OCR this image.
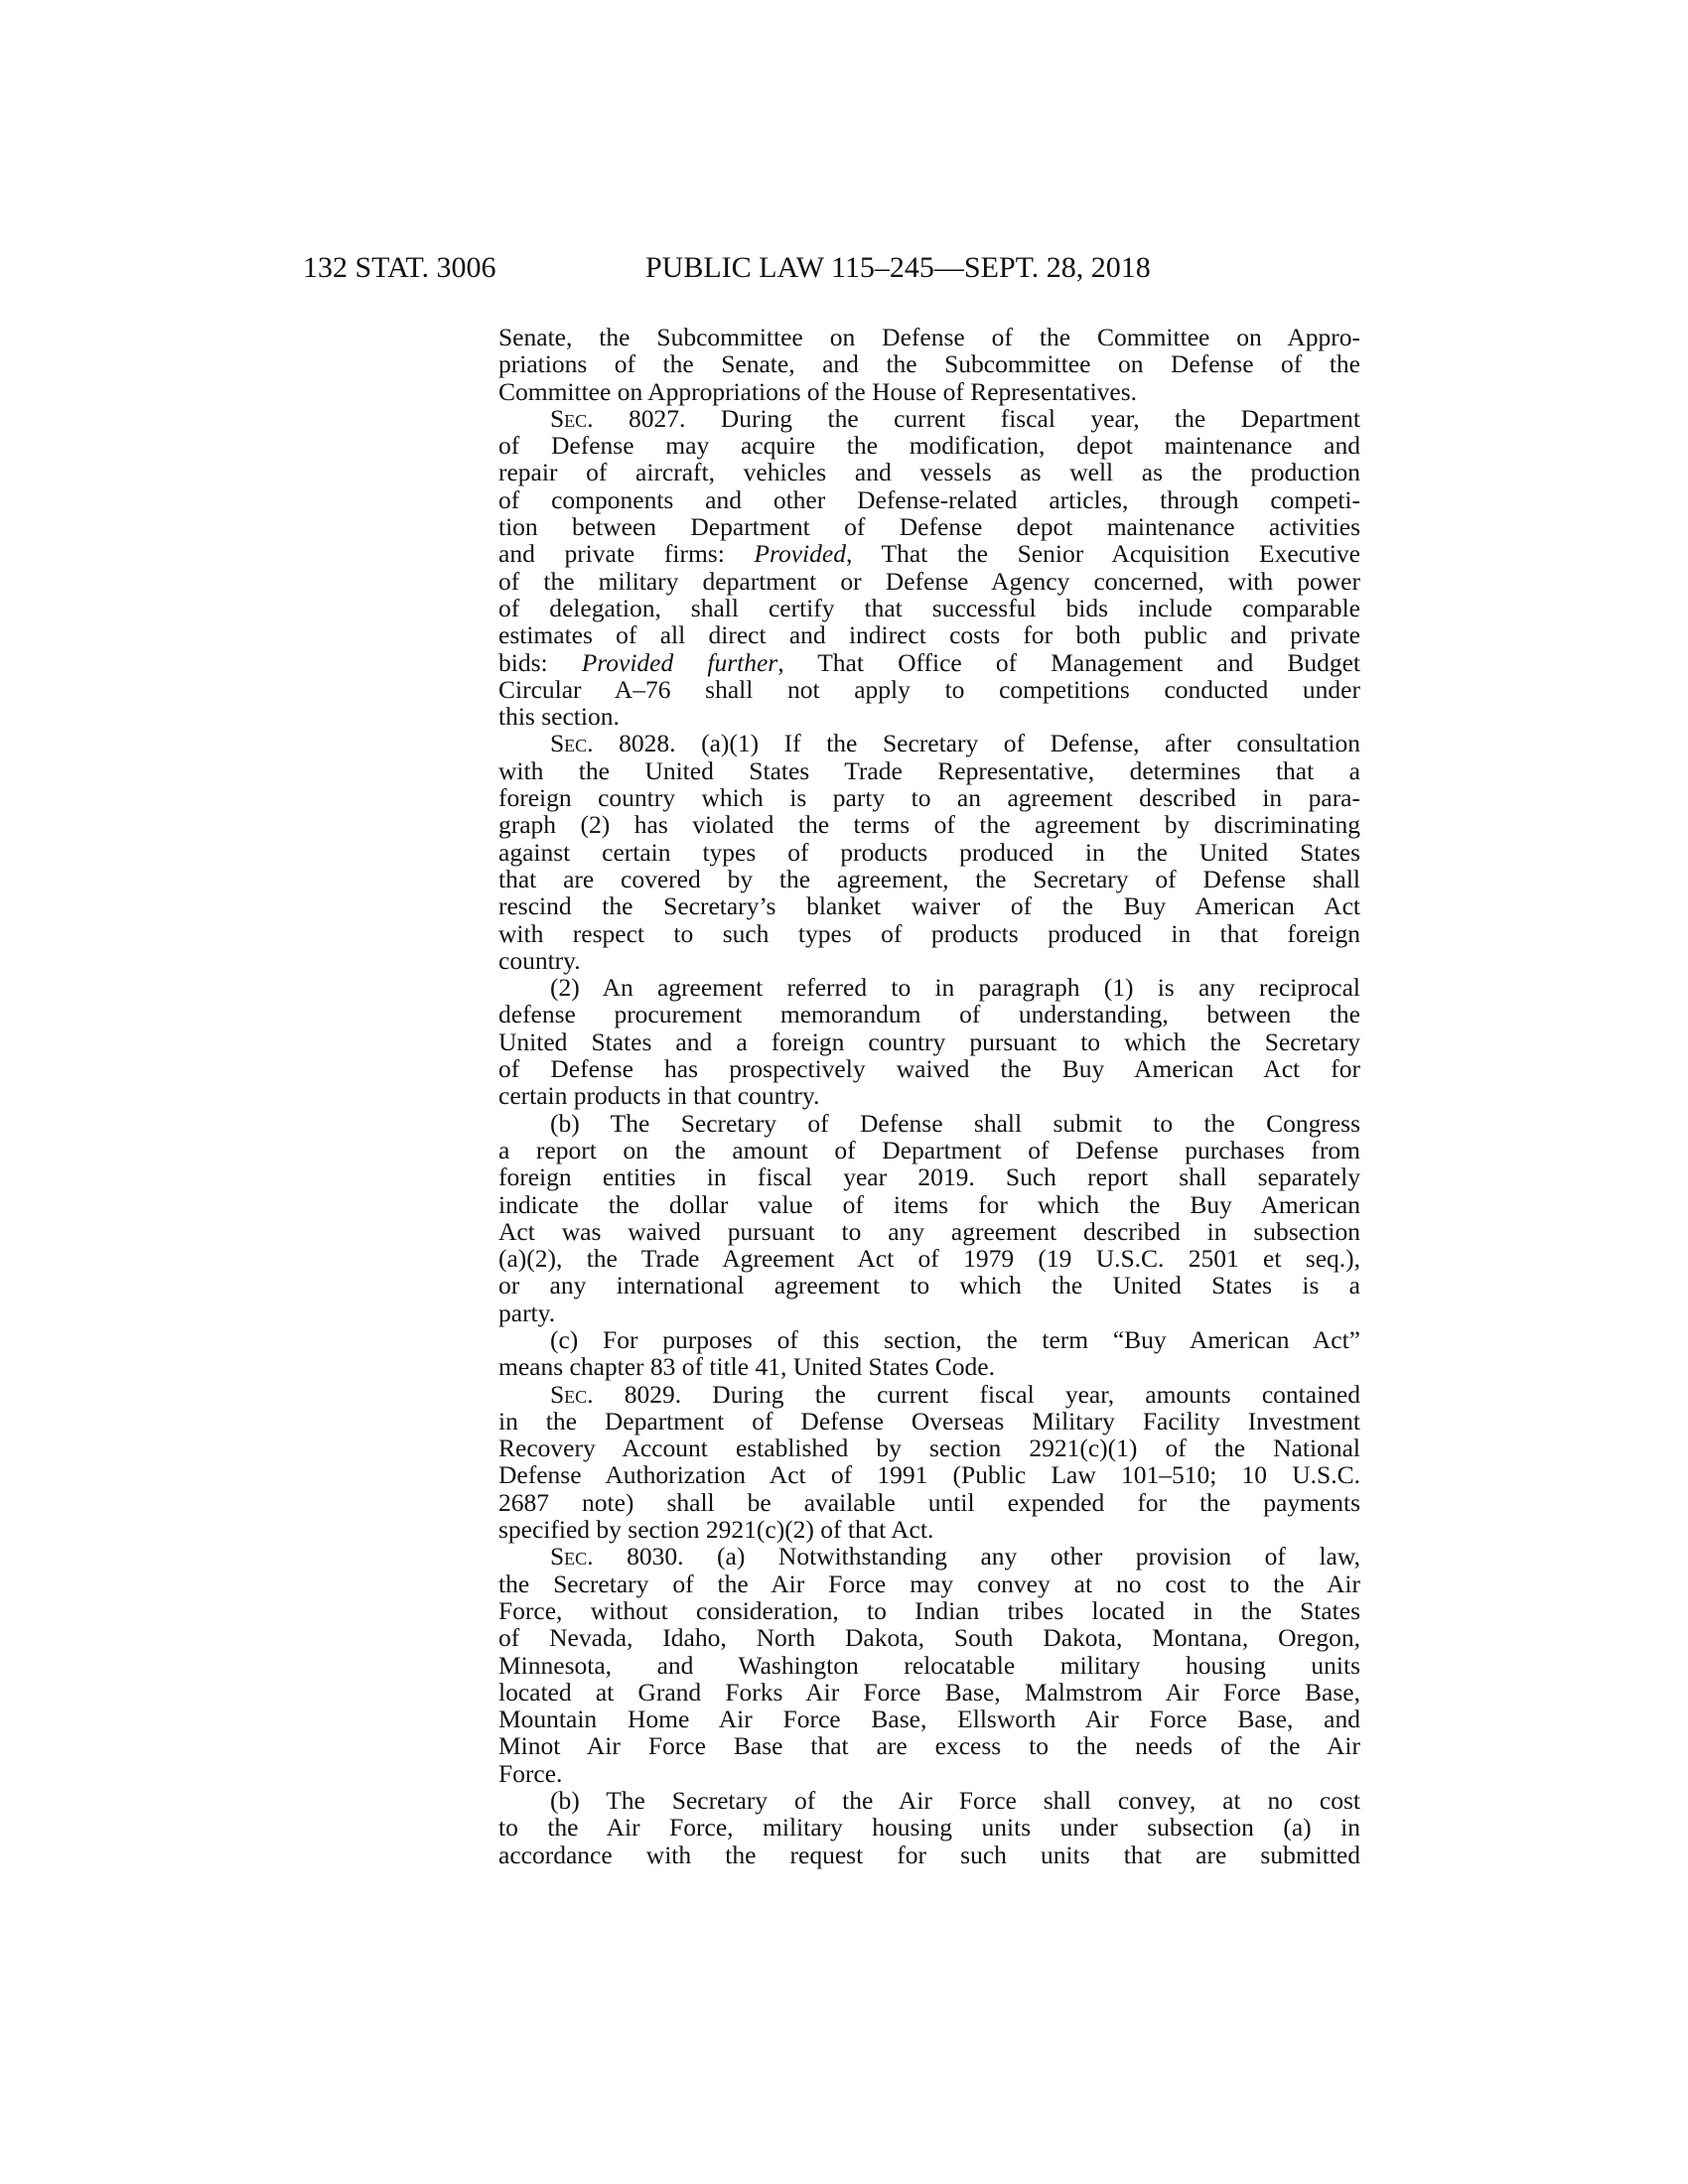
132 STAT. 3006	PUBLIC LAW 115–245—SEPT. 28, 2018

Senate, the Subcommittee on Defense of the Committee on Appro-

priations of the Senate, and the Subcommittee on Defense of the

Committee on Appropriations of the House of Representatives.

Sec. 8027. During the current fiscal year, the Department

of Defense may acquire the modification, depot maintenance and

repair of aircraft, vehicles and vessels as well as the production

of components and other Defense-related articles, through competi-

tion between Department of Defense depot maintenance activities

and private firms: Provided, That the Senior Acquisition Executive

of the military department or Defense Agency concerned, with power

of delegation, shall certify that successful bids include comparable

estimates of all direct and indirect costs for both public and private

bids: Provided further, That Office of Management and Budget

Circular A–76 shall not apply to competitions conducted under

this section.

Sec. 8028. (a)(1) If the Secretary of Defense, after consultation

with the United States Trade Representative, determines that a

foreign country which is party to an agreement described in para-

graph (2) has violated the terms of the agreement by discriminating

against certain types of products produced in the United States

that are covered by the agreement, the Secretary of Defense shall

rescind the Secretary’s blanket waiver of the Buy American Act

with respect to such types of products produced in that foreign

country.

(2) An agreement referred to in paragraph (1) is any reciprocal

defense procurement memorandum of understanding, between the

United States and a foreign country pursuant to which the Secretary

of Defense has prospectively waived the Buy American Act for

certain products in that country.

(b) The Secretary of Defense shall submit to the Congress

a report on the amount of Department of Defense purchases from

foreign entities in fiscal year 2019. Such report shall separately

indicate the dollar value of items for which the Buy American

Act was waived pursuant to any agreement described in subsection

(a)(2), the Trade Agreement Act of 1979 (19 U.S.C. 2501 et seq.),

or any international agreement to which the United States is a

party.

(c) For purposes of this section, the term “Buy American Act”

means chapter 83 of title 41, United States Code.

Sec. 8029. During the current fiscal year, amounts contained

in the Department of Defense Overseas Military Facility Investment

Recovery Account established by section 2921(c)(1) of the National

Defense Authorization Act of 1991 (Public Law 101–510; 10 U.S.C.

2687 note) shall be available until expended for the payments

specified by section 2921(c)(2) of that Act.

Sec. 8030. (a) Notwithstanding any other provision of law,

the Secretary of the Air Force may convey at no cost to the Air

Force, without consideration, to Indian tribes located in the States

of Nevada, Idaho, North Dakota, South Dakota, Montana, Oregon,

Minnesota, and Washington relocatable military housing units

located at Grand Forks Air Force Base, Malmstrom Air Force Base,

Mountain Home Air Force Base, Ellsworth Air Force Base, and

Minot Air Force Base that are excess to the needs of the Air

Force.

(b) The Secretary of the Air Force shall convey, at no cost

to the Air Force, military housing units under subsection (a) in

accordance with the request for such units that are submitted
